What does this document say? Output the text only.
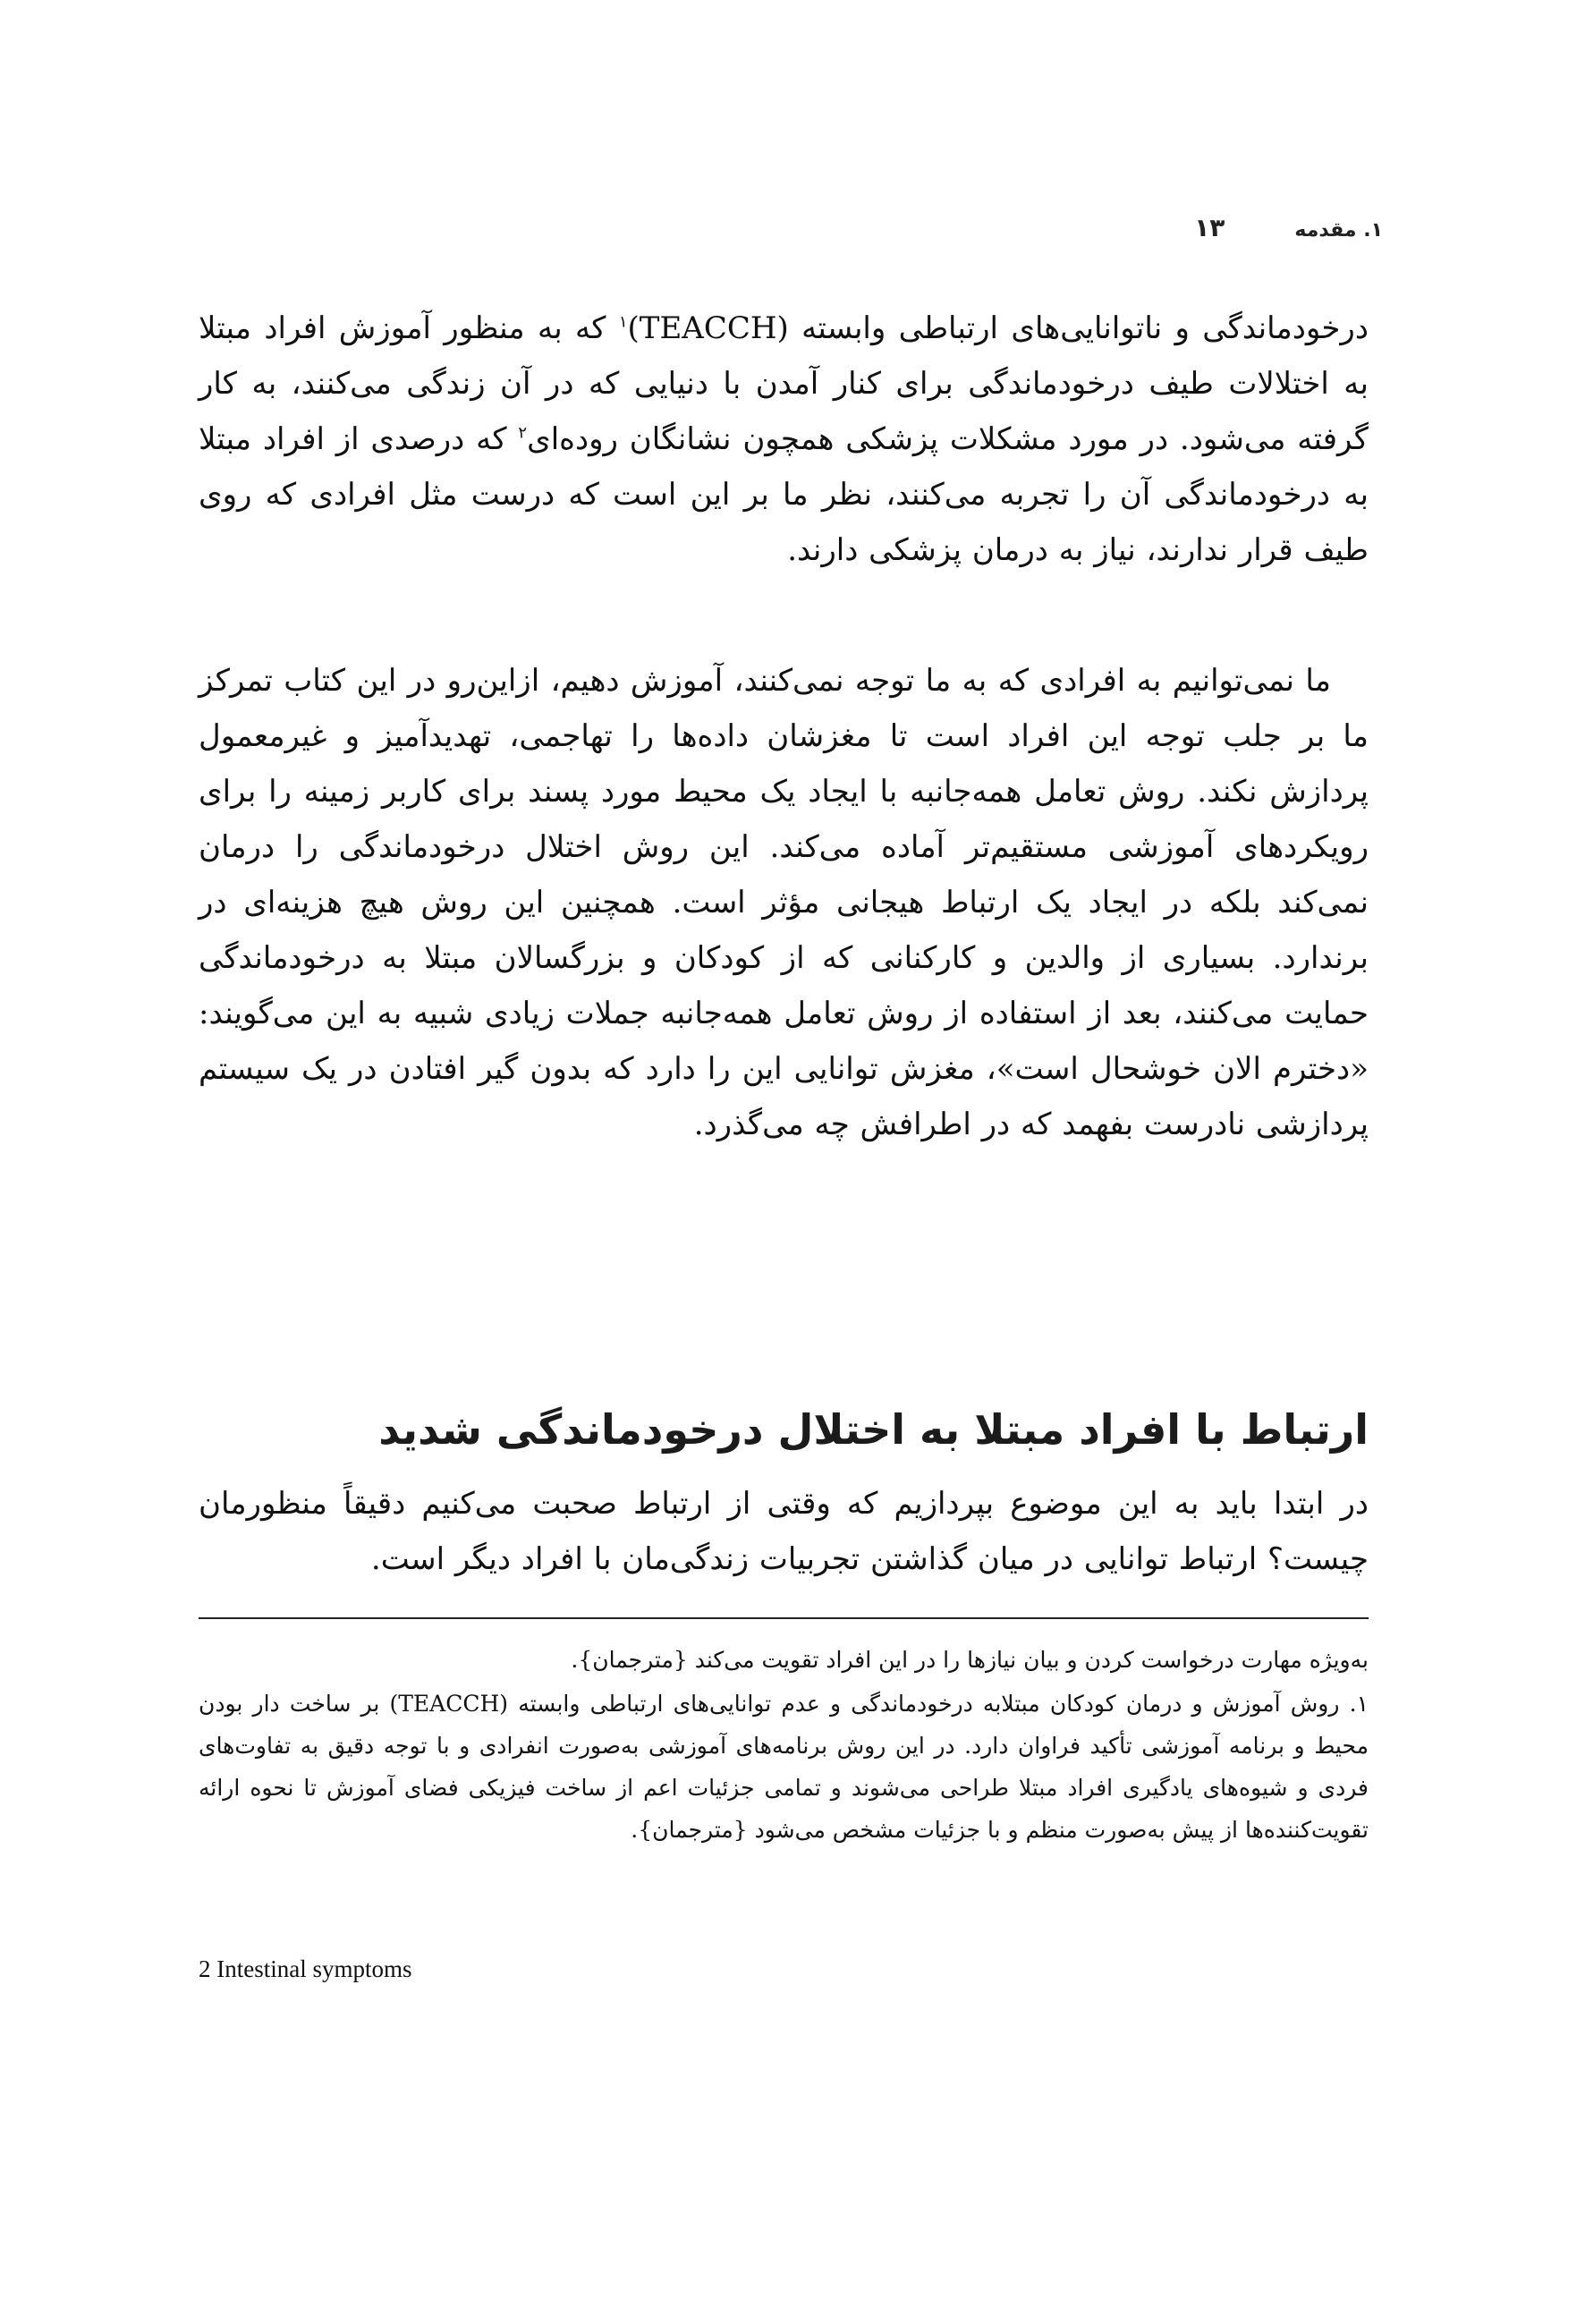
۱. مقدمه
۱۳

درخودماندگی و ناتوانایی‌های ارتباطی وابسته (TEACCH)$^۱$ که به منظور آموزش افراد مبتلا به اختلالات طیف درخودماندگی برای کنار آمدن با دنیایی که در آن زندگی می‌کنند، به کار گرفته می‌شود. در مورد مشکلات پزشکی همچون نشانگان روده‌ای$^۲$ که درصدی از افراد مبتلا به درخودماندگی آن را تجربه می‌کنند، نظر ما بر این است که درست مثل افرادی که روی طیف قرار ندارند، نیاز به درمان پزشکی دارند.

ما نمی‌توانیم به افرادی که به ما توجه نمی‌کنند، آموزش دهیم، ازاین‌رو در این کتاب تمرکز ما بر جلب توجه این افراد است تا مغزشان داده‌ها را تهاجمی، تهدیدآمیز و غیرمعمول پردازش نکند. روش تعامل همه‌جانبه با ایجاد یک محیط مورد پسند برای کاربر زمینه را برای رویکردهای آموزشی مستقیم‌تر آماده می‌کند. این روش اختلال درخودماندگی را درمان نمی‌کند بلکه در ایجاد یک ارتباط هیجانی مؤثر است. همچنین این روش هیچ هزینه‌ای در برندارد. بسیاری از والدین و کارکنانی که از کودکان و بزرگسالان مبتلا به درخودماندگی حمایت می‌کنند، بعد از استفاده از روش تعامل همه‌جانبه جملات زیادی شبیه به این می‌گویند: «دخترم الان خوشحال است»، مغزش توانایی این را دارد که بدون گیر افتادن در یک سیستم پردازشی نادرست بفهمد که در اطرافش چه می‌گذرد.

ارتباط با افراد مبتلا به اختلال درخودماندگی شدید

در ابتدا باید به این موضوع بپردازیم که وقتی از ارتباط صحبت می‌کنیم دقیقاً منظورمان چیست؟ ارتباط توانایی در میان گذاشتن تجربیات زندگی‌مان با افراد دیگر است.

به‌ویژه مهارت درخواست کردن و بیان نیازها را در این افراد تقویت می‌کند {مترجمان}.

۱. روش آموزش و درمان کودکان مبتلابه درخودماندگی و عدم توانایی‌های ارتباطی وابسته (TEACCH) بر ساخت دار بودن محیط و برنامه آموزشی تأکید فراوان دارد. در این روش برنامه‌های آموزشی به‌صورت انفرادی و با توجه دقیق به تفاوت‌های فردی و شیوه‌های یادگیری افراد مبتلا طراحی می‌شوند و تمامی جزئیات اعم از ساخت فیزیکی فضای آموزش تا نحوه ارائه تقویت‌کننده‌ها از پیش به‌صورت منظم و با جزئیات مشخص می‌شود {مترجمان}.

2 Intestinal symptoms
